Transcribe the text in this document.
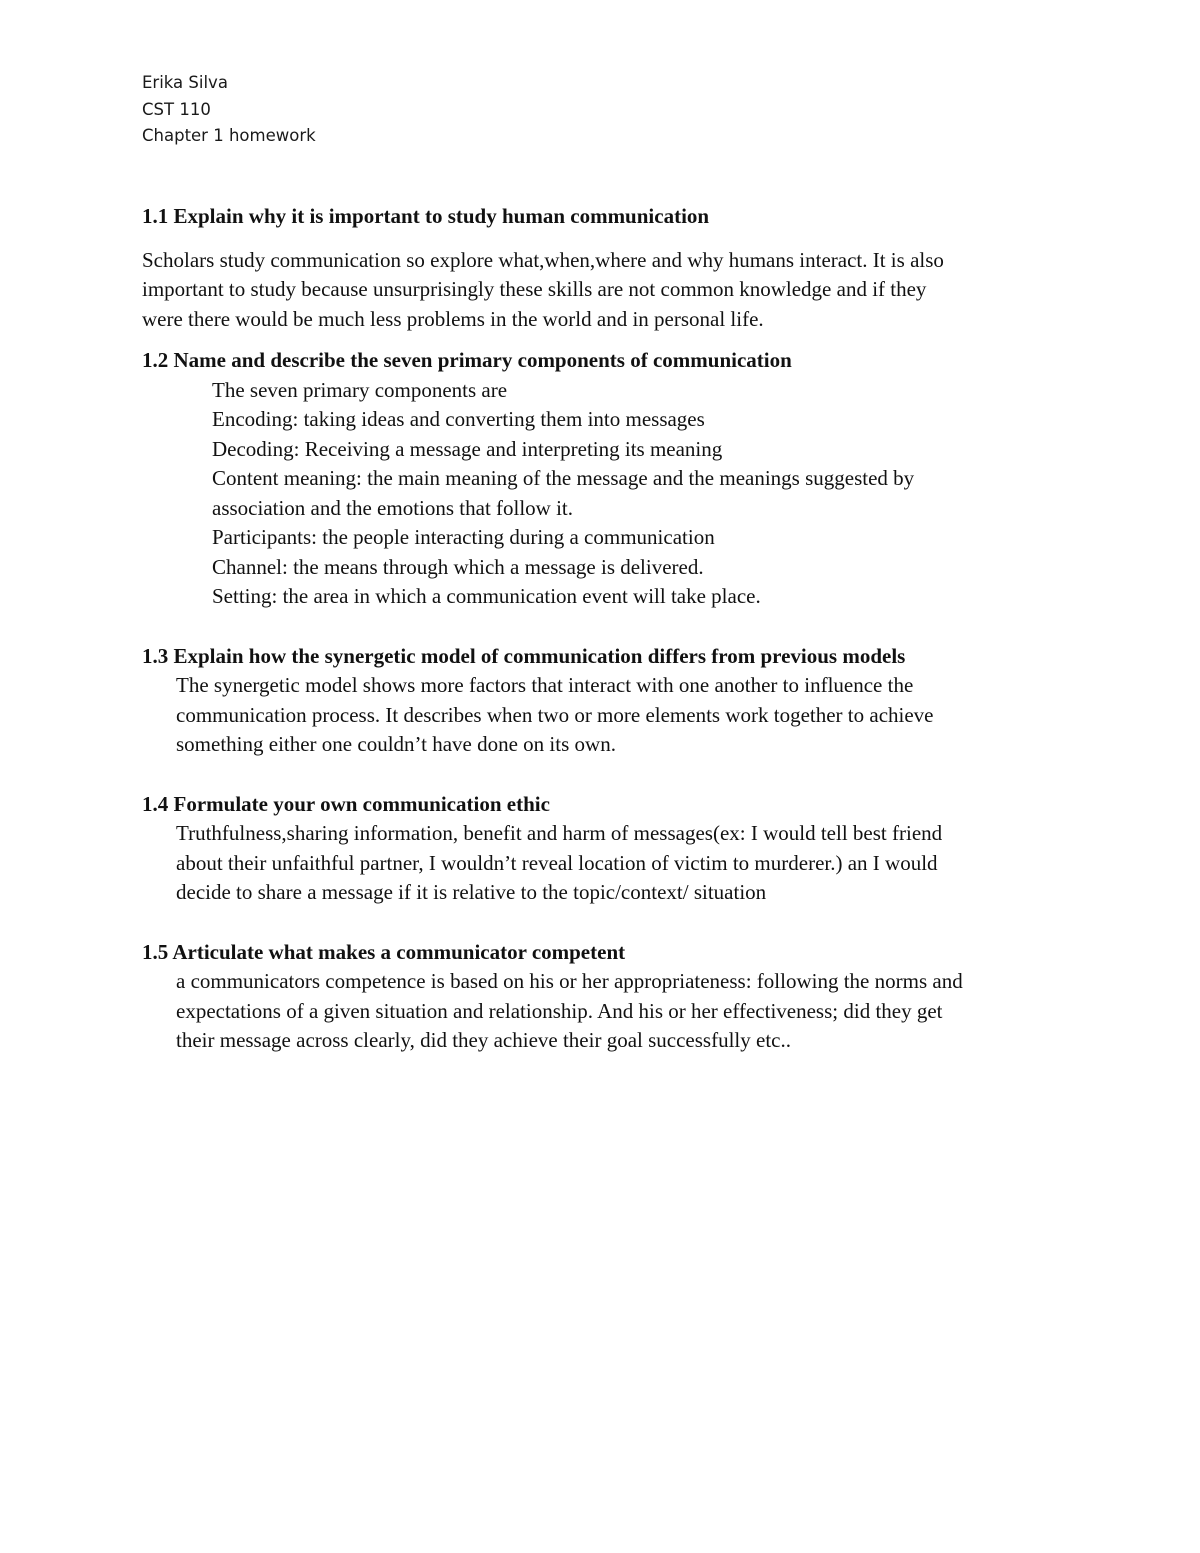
Erika Silva
CST 110
Chapter 1 homework
1.1 Explain why it is important to study human communication
Scholars study communication so explore what,when,where and why humans interact. It is also
important to study because unsurprisingly these skills are not common knowledge and if they
were there would be much less problems in the world and in personal life.
1.2 Name and describe the seven primary components of communication
The seven primary components are
Encoding: taking ideas and converting them into messages
Decoding: Receiving a message and interpreting its meaning
Content meaning: the main meaning of the message and the meanings suggested by
association and the emotions that follow it.
Participants: the people interacting during a communication
Channel: the means through which a message is delivered.
Setting: the area in which a communication event will take place.
1.3 Explain how the synergetic model of communication differs from previous models
The synergetic model shows more factors that interact with one another to influence the
communication process. It describes when two or more elements work together to achieve
something either one couldn’t have done on its own.
1.4 Formulate your own communication ethic
Truthfulness,sharing information, benefit and harm of messages(ex: I would tell best friend
about their unfaithful partner, I wouldn’t reveal location of victim to murderer.) an I would
decide to share a message if it is relative to the topic/context/ situation
1.5 Articulate what makes a communicator competent
a communicators competence is based on his or her appropriateness: following the norms and
expectations of a given situation and relationship. And his or her effectiveness; did they get
their message across clearly, did they achieve their goal successfully etc..
